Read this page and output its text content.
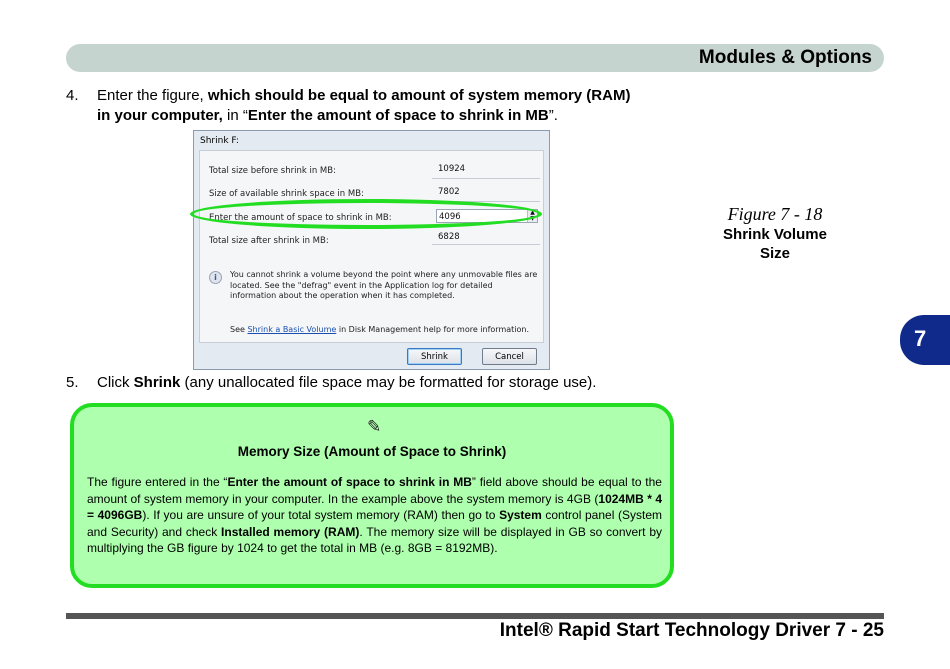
Modules & Options
4. Enter the figure, which should be equal to amount of system memory (RAM)
in your computer, in “Enter the amount of space to shrink in MB”.
Shrink F:
Total size before shrink in MB:	10924
Size of available shrink space in MB:	7802
Enter the amount of space to shrink in MB:	4096	▲
▼
Total size after shrink in MB:	6828
i	You cannot shrink a volume beyond the point where any unmovable files are located. See the "defrag" event in the Application log for detailed information about the operation when it has completed.
See Shrink a Basic Volume in Disk Management help for more information.
Shrink	Cancel
Figure 7 - 18
Shrink Volume
Size
7
5. Click Shrink (any unallocated file space may be formatted for storage use).
✎
Memory Size (Amount of Space to Shrink)
The figure entered in the “Enter the amount of space to shrink in MB” field above should be equal to the amount of system memory in your computer. In the example above the system memory is 4GB (1024MB * 4 = 4096GB). If you are unsure of your total system memory (RAM) then go to System control panel (System and Security) and check Installed memory (RAM). The memory size will be displayed in GB so convert by multiplying the GB figure by 1024 to get the total in MB (e.g. 8GB = 8192MB).
Intel® Rapid Start Technology Driver 7 - 25
